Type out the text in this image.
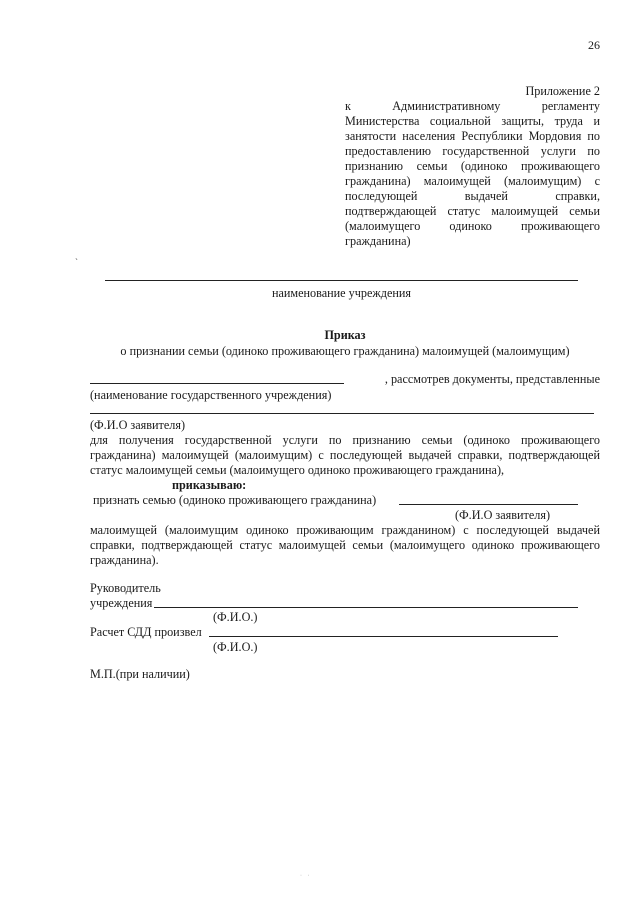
26
Приложение 2
к Административному регламенту Министерства социальной защиты, труда и занятости населения Республики Мордовия по предоставлению государственной услуги по признанию семьи (одиноко проживающего гражданина) малоимущей (малоимущим) с последующей выдачей справки, подтверждающей статус малоимущей семьи (малоимущего одиноко проживающего гражданина)
˴
наименование учреждения
Приказ
о признании семьи (одиноко проживающего гражданина) малоимущей (малоимущим)
, рассмотрев документы, представленные
(наименование государственного учреждения)
(Ф.И.О заявителя)
для получения государственной услуги по признанию семьи (одиноко проживающего гражданина) малоимущей (малоимущим) с последующей выдачей справки, подтверждающей статус малоимущей семьи (малоимущего одиноко проживающего гражданина),
приказываю:
признать семью (одиноко проживающего гражданина)
(Ф.И.О заявителя)
малоимущей (малоимущим одиноко проживающим гражданином) с последующей выдачей справки, подтверждающей статус малоимущей семьи (малоимущего одиноко проживающего гражданина).
Руководитель
учреждения
(Ф.И.О.)
Расчет СДД произвел
(Ф.И.О.)
М.П.(при наличии)
· ·
